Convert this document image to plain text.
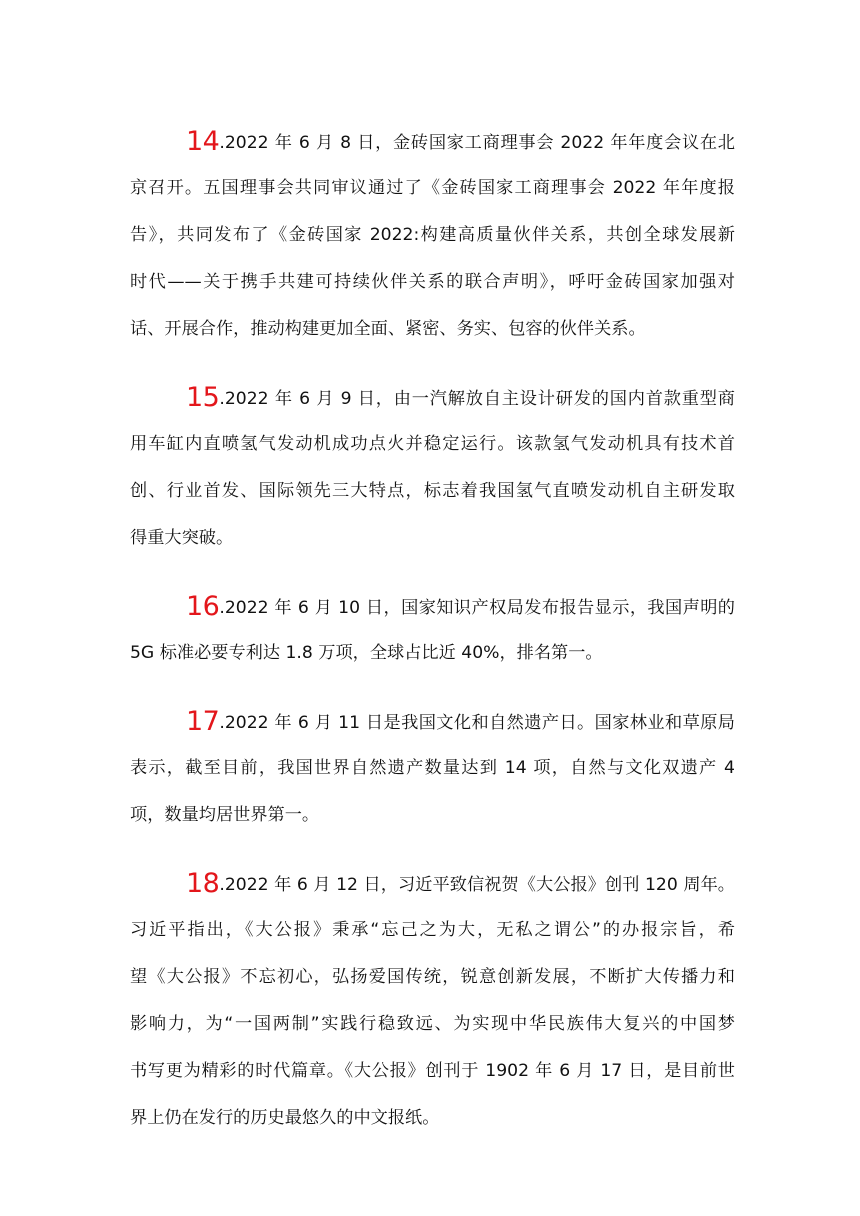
14.2022 年 6 月 8 日，金砖国家工商理事会 2022 年年度会议在北
京召开。五国理事会共同审议通过了《金砖国家工商理事会 2022 年年度报
告》，共同发布了《金砖国家 2022:构建高质量伙伴关系，共创全球发展新
时代——关于携手共建可持续伙伴关系的联合声明》，呼吁金砖国家加强对
话、开展合作，推动构建更加全面、紧密、务实、包容的伙伴关系。
15.2022 年 6 月 9 日，由一汽解放自主设计研发的国内首款重型商
用车缸内直喷氢气发动机成功点火并稳定运行。该款氢气发动机具有技术首
创、行业首发、国际领先三大特点，标志着我国氢气直喷发动机自主研发取
得重大突破。
16.2022 年 6 月 10 日，国家知识产权局发布报告显示，我国声明的
5G 标准必要专利达 1.8 万项，全球占比近 40%，排名第一。
17.2022 年 6 月 11 日是我国文化和自然遗产日。国家林业和草原局
表示，截至目前，我国世界自然遗产数量达到 14 项，自然与文化双遗产 4
项，数量均居世界第一。
18.2022 年 6 月 12 日，习近平致信祝贺《大公报》创刊 120 周年。
习近平指出，《大公报》秉承“忘己之为大，无私之谓公”的办报宗旨，希
望《大公报》不忘初心，弘扬爱国传统，锐意创新发展，不断扩大传播力和
影响力，为“一国两制”实践行稳致远、为实现中华民族伟大复兴的中国梦
书写更为精彩的时代篇章。《大公报》创刊于 1902 年 6 月 17 日，是目前世
界上仍在发行的历史最悠久的中文报纸。
